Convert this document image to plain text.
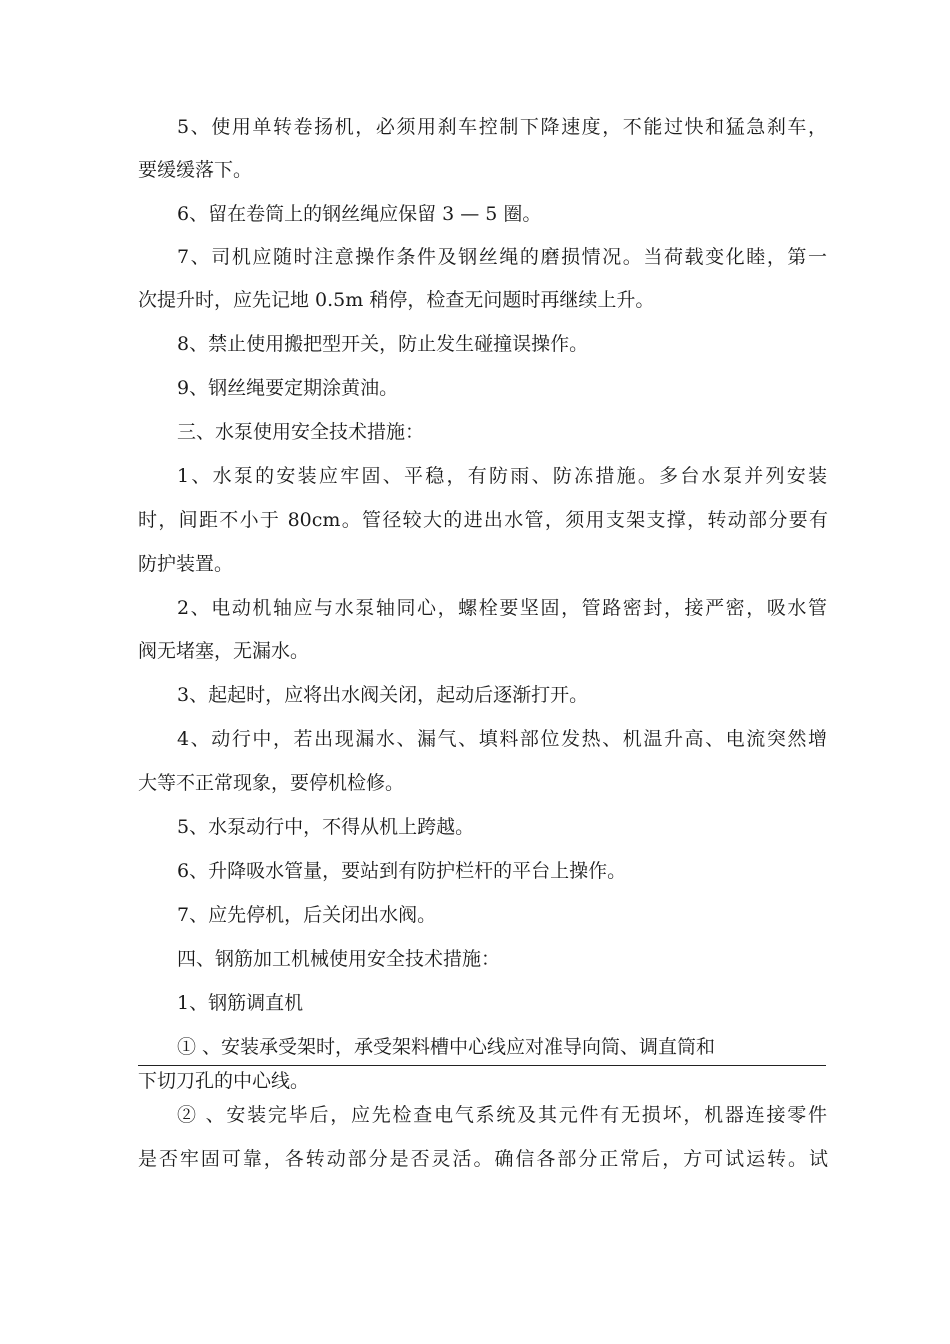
5、使用单转卷扬机，必须用刹车控制下降速度，不能过快和猛急刹车，
要缓缓落下。
6、留在卷筒上的钢丝绳应保留 3 — 5 圈。
7、司机应随时注意操作条件及钢丝绳的磨损情况。当荷载变化睦，第一
次提升时，应先记地 0.5m 稍停，检查无问题时再继续上升。
8、禁止使用搬把型开关，防止发生碰撞误操作。
9、钢丝绳要定期涂黄油。
三、水泵使用安全技术措施：
1、水泵的安装应牢固、平稳，有防雨、防冻措施。多台水泵并列安装
时，间距不小于 80cm。管径较大的进出水管，须用支架支撑，转动部分要有
防护装置。
2、电动机轴应与水泵轴同心，螺栓要坚固，管路密封，接严密，吸水管
阀无堵塞，无漏水。
3、起起时，应将出水阀关闭，起动后逐渐打开。
4、动行中，若出现漏水、漏气、填料部位发热、机温升高、电流突然增
大等不正常现象，要停机检修。
5、水泵动行中，不得从机上跨越。
6、升降吸水管量，要站到有防护栏杆的平台上操作。
7、应先停机，后关闭出水阀。
四、钢筋加工机械使用安全技术措施：
1、钢筋调直机
① 、安装承受架时，承受架料槽中心线应对准导向筒、调直筒和
下切刀孔的中心线。
② 、安装完毕后，应先检查电气系统及其元件有无损坏，机器连接零件
是否牢固可靠，各转动部分是否灵活。确信各部分正常后，方可试运转。试
